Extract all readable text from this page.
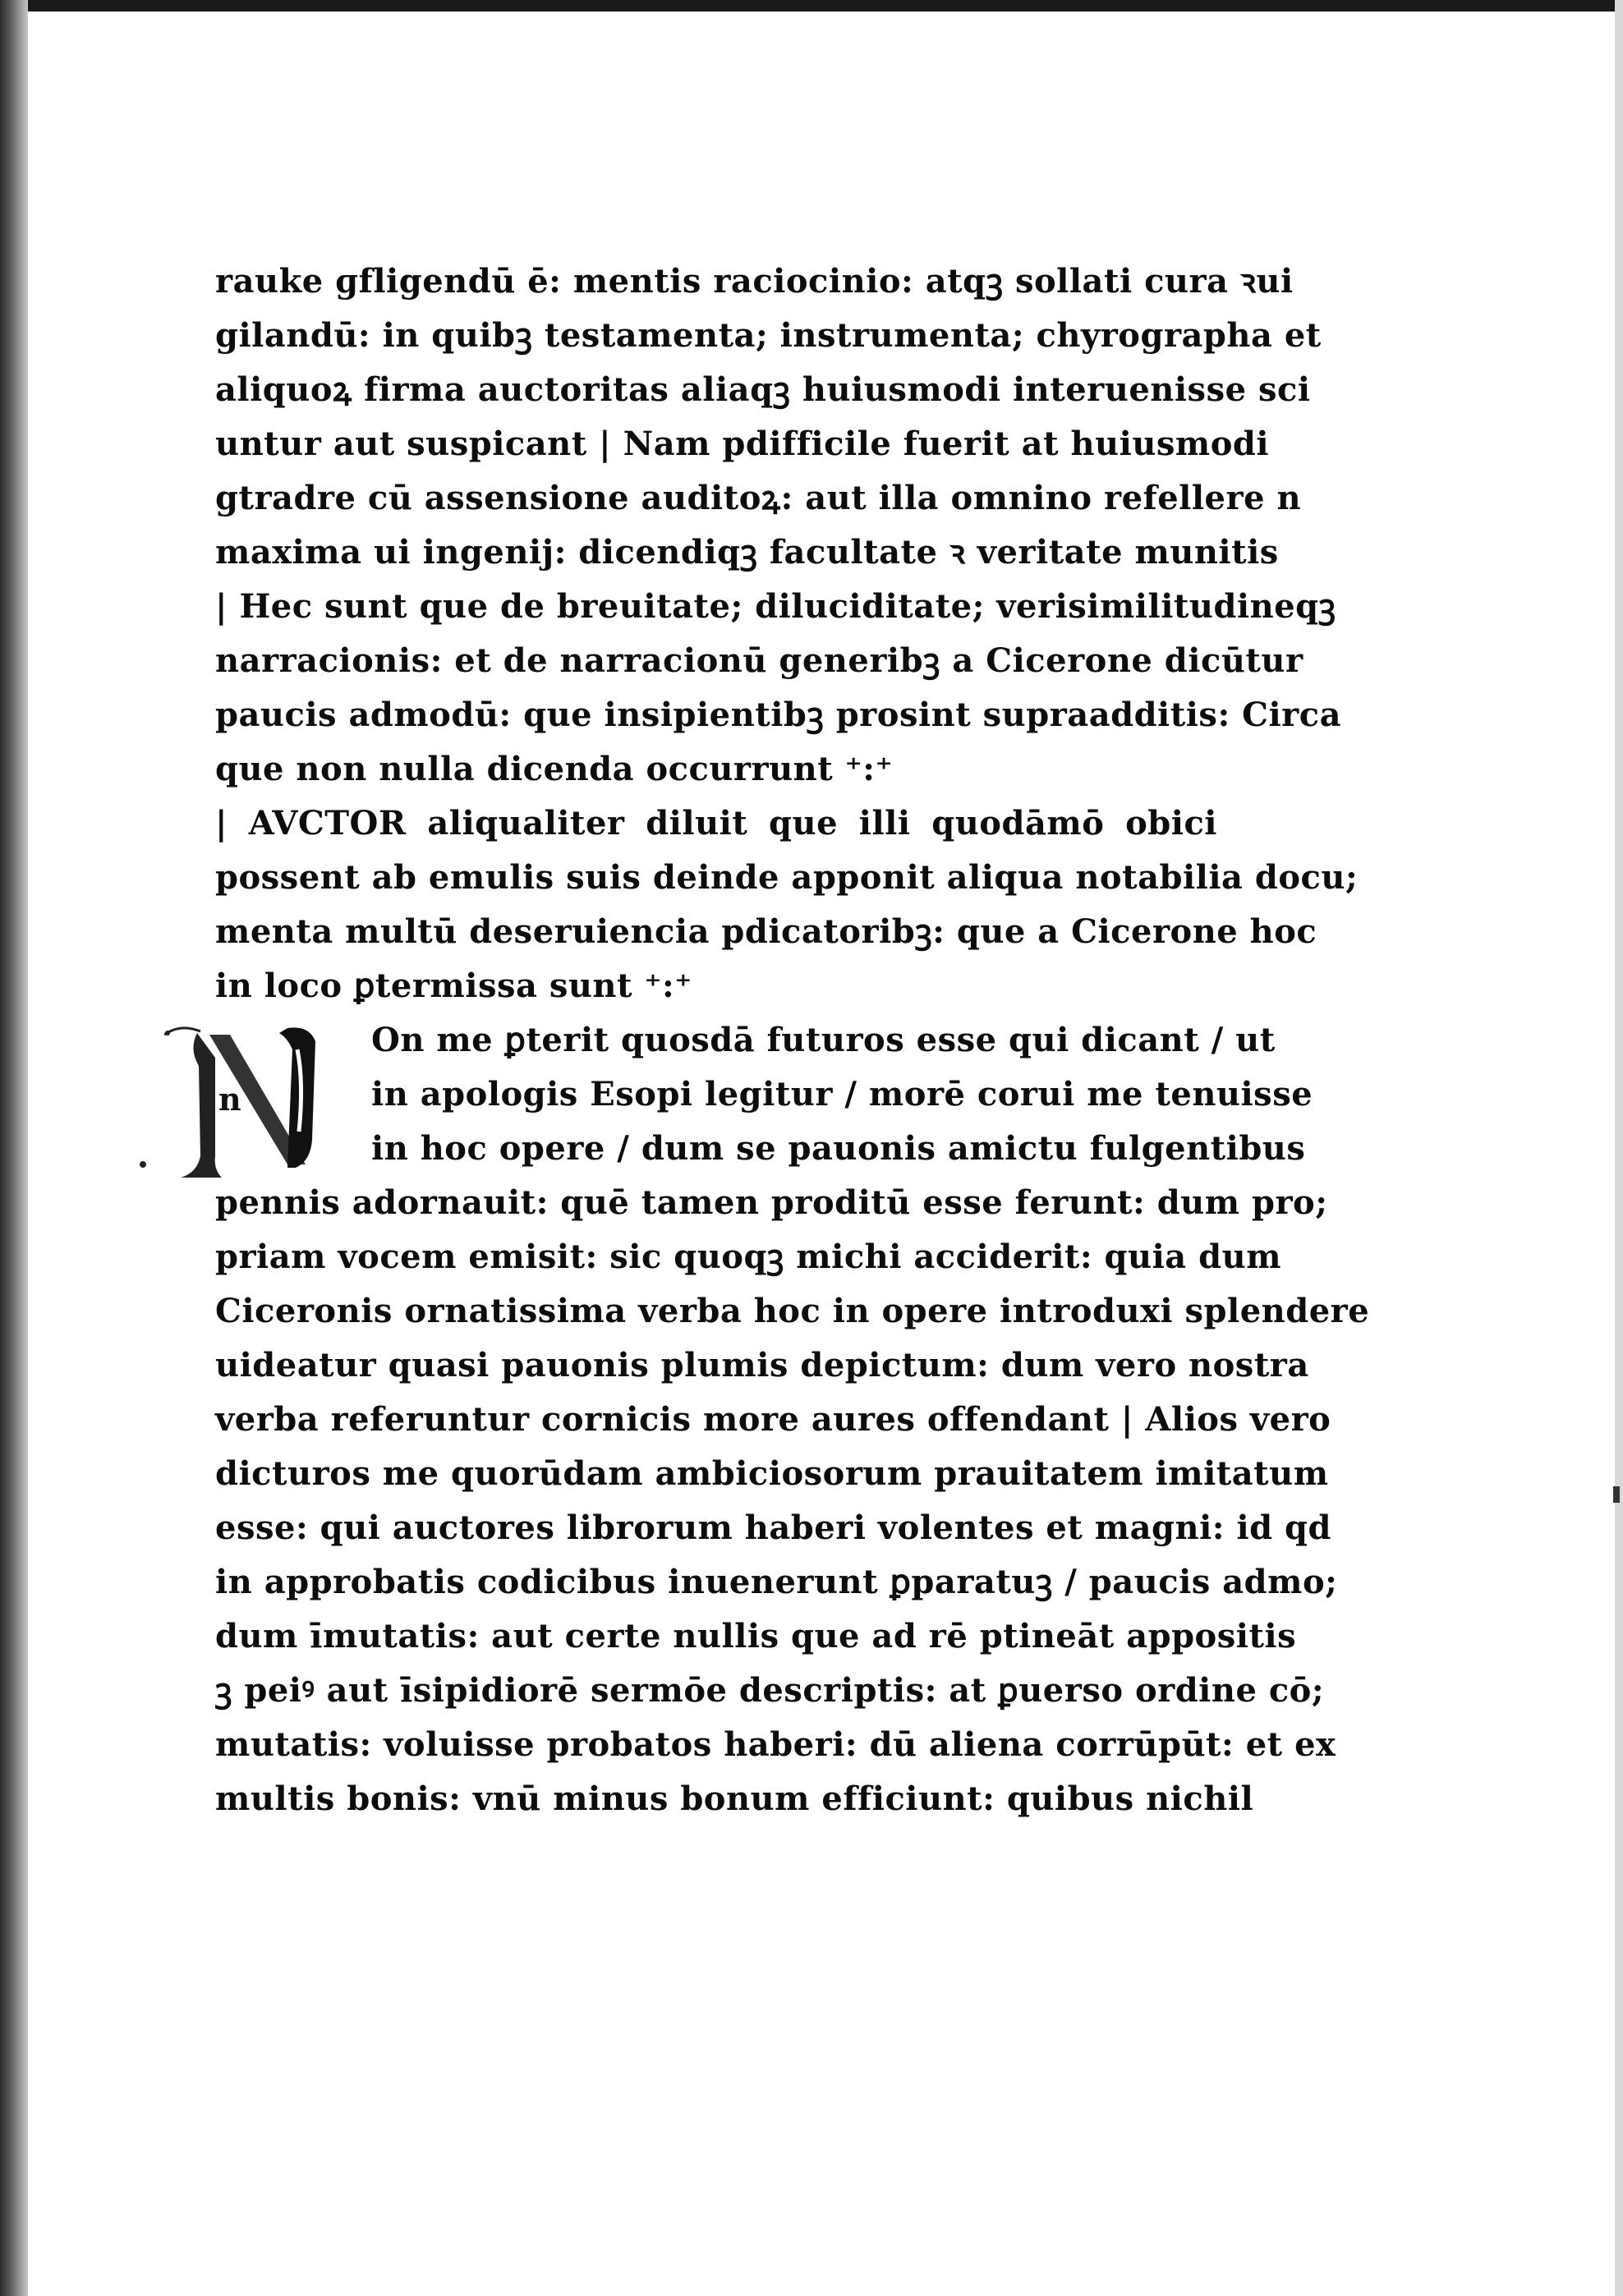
rauke ɡfligendū ē: mentis raciocinio: atqꝫ sollati cura ꝛui
gilandū: in quibꝫ testamenta; instrumenta; chyrographa et
aliquoꝝ firma auctoritas aliaqꝫ huiusmodi interuenisse sci
untur aut suspicant | Nam pdifficile fuerit at huiusmodi
gtradre cū assensione auditoꝝ: aut illa omnino refellere n
maxima ui ingenij: dicendiqꝫ facultate ꝛ veritate munitis
| Hec sunt que de breuitate; diluciditate; verisimilitudineqꝫ
narracionis: et de narracionū generibꝫ a Cicerone dicūtur
paucis admodū: que insipientibꝫ prosint supraadditis: Circa
que non nulla dicenda occurrunt ⁺:⁺
| AVCTOR aliqualiter diluit que illi quodāmō obici
possent ab emulis suis deinde apponit aliqua notabilia docu;
menta multū deseruiencia pdicatoribꝫ: que a Cicerone hoc
in loco ꝑtermissa sunt ⁺:⁺
On me ꝑterit quosdā futuros esse qui dicant / ut
in apologis Esopi legitur / morē corui me tenuisse
in hoc opere / dum se pauonis amictu fulgentibus
pennis adornauit: quē tamen proditū esse ferunt: dum pro;
priam vocem emisit: sic quoqꝫ michi acciderit: quia dum
Ciceronis ornatissima verba hoc in opere introduxi splendere
uideatur quasi pauonis plumis depictum: dum vero nostra
verba referuntur cornicis more aures offendant | Alios vero
dicturos me quorūdam ambiciosorum prauitatem imitatum
esse: qui auctores librorum haberi volentes et magni: id qd
in approbatis codicibus inuenerunt ꝑparatuꝫ / paucis admo;
dum īmutatis: aut certe nullis que ad rē ptineāt appositis
ꝫ peiꝰ aut īsipidiorē sermōe descriptis: at ꝑuerso ordine cō;
mutatis: voluisse probatos haberi: dū aliena corrūpūt: et ex
multis bonis: vnū minus bonum efficiunt: quibus nichil
n
